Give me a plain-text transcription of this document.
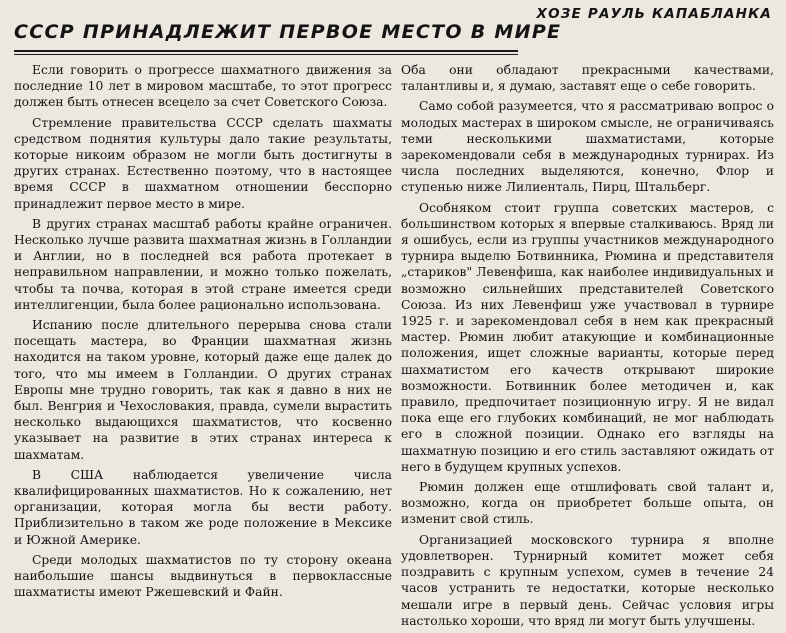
ХОЗЕ РАУЛЬ КАПАБЛАНКА
СССР ПРИНАДЛЕЖИТ ПЕРВОЕ МЕСТО В МИРЕ

Если говорить о прогрессе шахматного движения за последние 10 лет в мировом масштабе, то этот прогресс должен быть отнесен всецело за счет Советского Союза.

Стремление правительства СССР сделать шахматы средством поднятия культуры дало такие результаты, которые никоим образом не могли быть достигнуты в других странах. Естественно поэтому, что в настоящее время СССР в шахматном отношении бесспорно принадлежит первое место в мире.

В других странах масштаб работы крайне ограничен. Несколько лучше развита шахматная жизнь в Голландии и Англии, но в последней вся работа протекает в неправильном направлении, и можно только пожелать, чтобы та почва, которая в этой стране имеется среди интеллигенции, была более рационально использована.

Испанию после длительного перерыва снова стали посещать мастера, во Франции шахматная жизнь находится на таком уровне, который даже еще далек до того, что мы имеем в Голландии. О других странах Европы мне трудно говорить, так как я давно в них не был. Венгрия и Чехословакия, правда, сумели вырастить несколько выдающихся шахматистов, что косвенно указывает на развитие в этих странах интереса к шахматам.

В США наблюдается увеличение числа квалифицированных шахматистов. Но к сожалению, нет организации, которая могла бы вести работу. Приблизительно в таком же роде положение в Мексике и Южной Америке.

Среди молодых шахматистов по ту сторону океана наибольшие шансы выдвинуться в первоклассные шахматисты имеют Ржешевский и Файн.

Оба они обладают прекрасными качествами, талантливы и, я думаю, заставят еще о себе говорить.

Само собой разумеется, что я рассматриваю вопрос о молодых мастерах в широком смысле, не ограничиваясь теми несколькими шахматистами, которые зарекомендовали себя в международных турнирах. Из числа последних выделяются, конечно, Флор и ступенью ниже Лилиенталь, Пирц, Штальберг.

Особняком стоит группа советских мастеров, с большинством которых я впервые сталкиваюсь. Вряд ли я ошибусь, если из группы участников международного турнира выделю Ботвинника, Рюмина и представителя „стариков" Левенфиша, как наиболее индивидуальных и возможно сильнейших представителей Советского Союза. Из них Левенфиш уже участвовал в турнире 1925 г. и зарекомендовал себя в нем как прекрасный мастер. Рюмин любит атакующие и комбинационные положения, ищет сложные варианты, которые перед шахматистом его качеств открывают широкие возможности. Ботвинник более методичен и, как правило, предпочитает позиционную игру. Я не видал пока еще его глубоких комбинаций, не мог наблюдать его в сложной позиции. Однако его взгляды на шахматную позицию и его стиль заставляют ожидать от него в будущем крупных успехов.

Рюмин должен еще отшлифовать свой талант и, возможно, когда он приобретет больше опыта, он изменит свой стиль.

Организацией московского турнира я вполне удовлетворен. Турнирный комитет может себя поздравить с крупным успехом, сумев в течение 24 часов устранить те недостатки, которые несколько мешали игре в первый день. Сейчас условия игры настолько хороши, что вряд ли могут быть улучшены.
